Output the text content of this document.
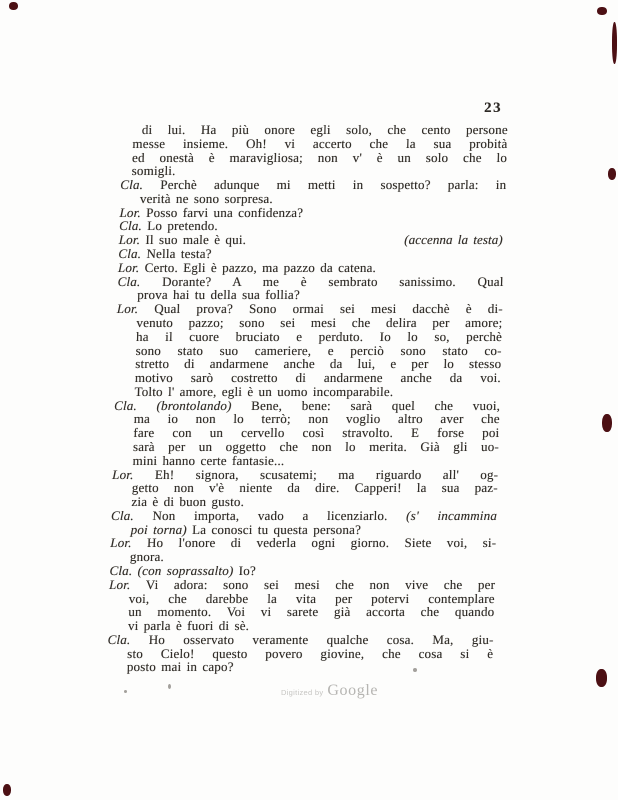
23
di lui. Ha più onore egli solo, che cento persone
messe insieme. Oh! vi accerto che la sua probità
ed onestà è maravigliosa; non v' è un solo che lo
somigli.
Cla. Perchè adunque mi metti in sospetto? parla: in
verità ne sono sorpresa.
Lor. Posso farvi una confidenza?
Cla. Lo pretendo.
Lor. Il suo male è qui.	(accenna la testa)
Cla. Nella testa?
Lor. Certo. Egli è pazzo, ma pazzo da catena.
Cla. Dorante? A me è sembrato sanissimo. Qual
prova hai tu della sua follia?
Lor. Qual prova? Sono ormai sei mesi dacchè è di-
venuto pazzo; sono sei mesi che delira per amore;
ha il cuore bruciato e perduto. Io lo so, perchè
sono stato suo cameriere, e perciò sono stato co-
stretto di andarmene anche da lui, e per lo stesso
motivo sarò costretto di andarmene anche da voi.
Tolto l' amore, egli è un uomo incomparabile.
Cla. (brontolando) Bene, bene: sarà quel che vuoi,
ma io non lo terrò; non voglio altro aver che
fare con un cervello così stravolto. E forse poi
sarà per un oggetto che non lo merita. Già gli uo-
mini hanno certe fantasie...
Lor. Eh! signora, scusatemi; ma riguardo all' og-
getto non v'è niente da dire. Capperi! la sua paz-
zia è di buon gusto.
Cla. Non importa, vado a licenziarlo. (s' incammina
poi torna) La conosci tu questa persona?
Lor. Ho l'onore di vederla ogni giorno. Siete voi, si-
gnora.
Cla. (con soprassalto) Io?
Lor. Vi adora: sono sei mesi che non vive che per
voi, che darebbe la vita per potervi contemplare
un momento. Voi vi sarete già accorta che quando
vi parla è fuori di sè.
Cla. Ho osservato veramente qualche cosa. Ma, giu-
sto Cielo! questo povero giovine, che cosa si è
posto mai in capo?
Digitized by Google
